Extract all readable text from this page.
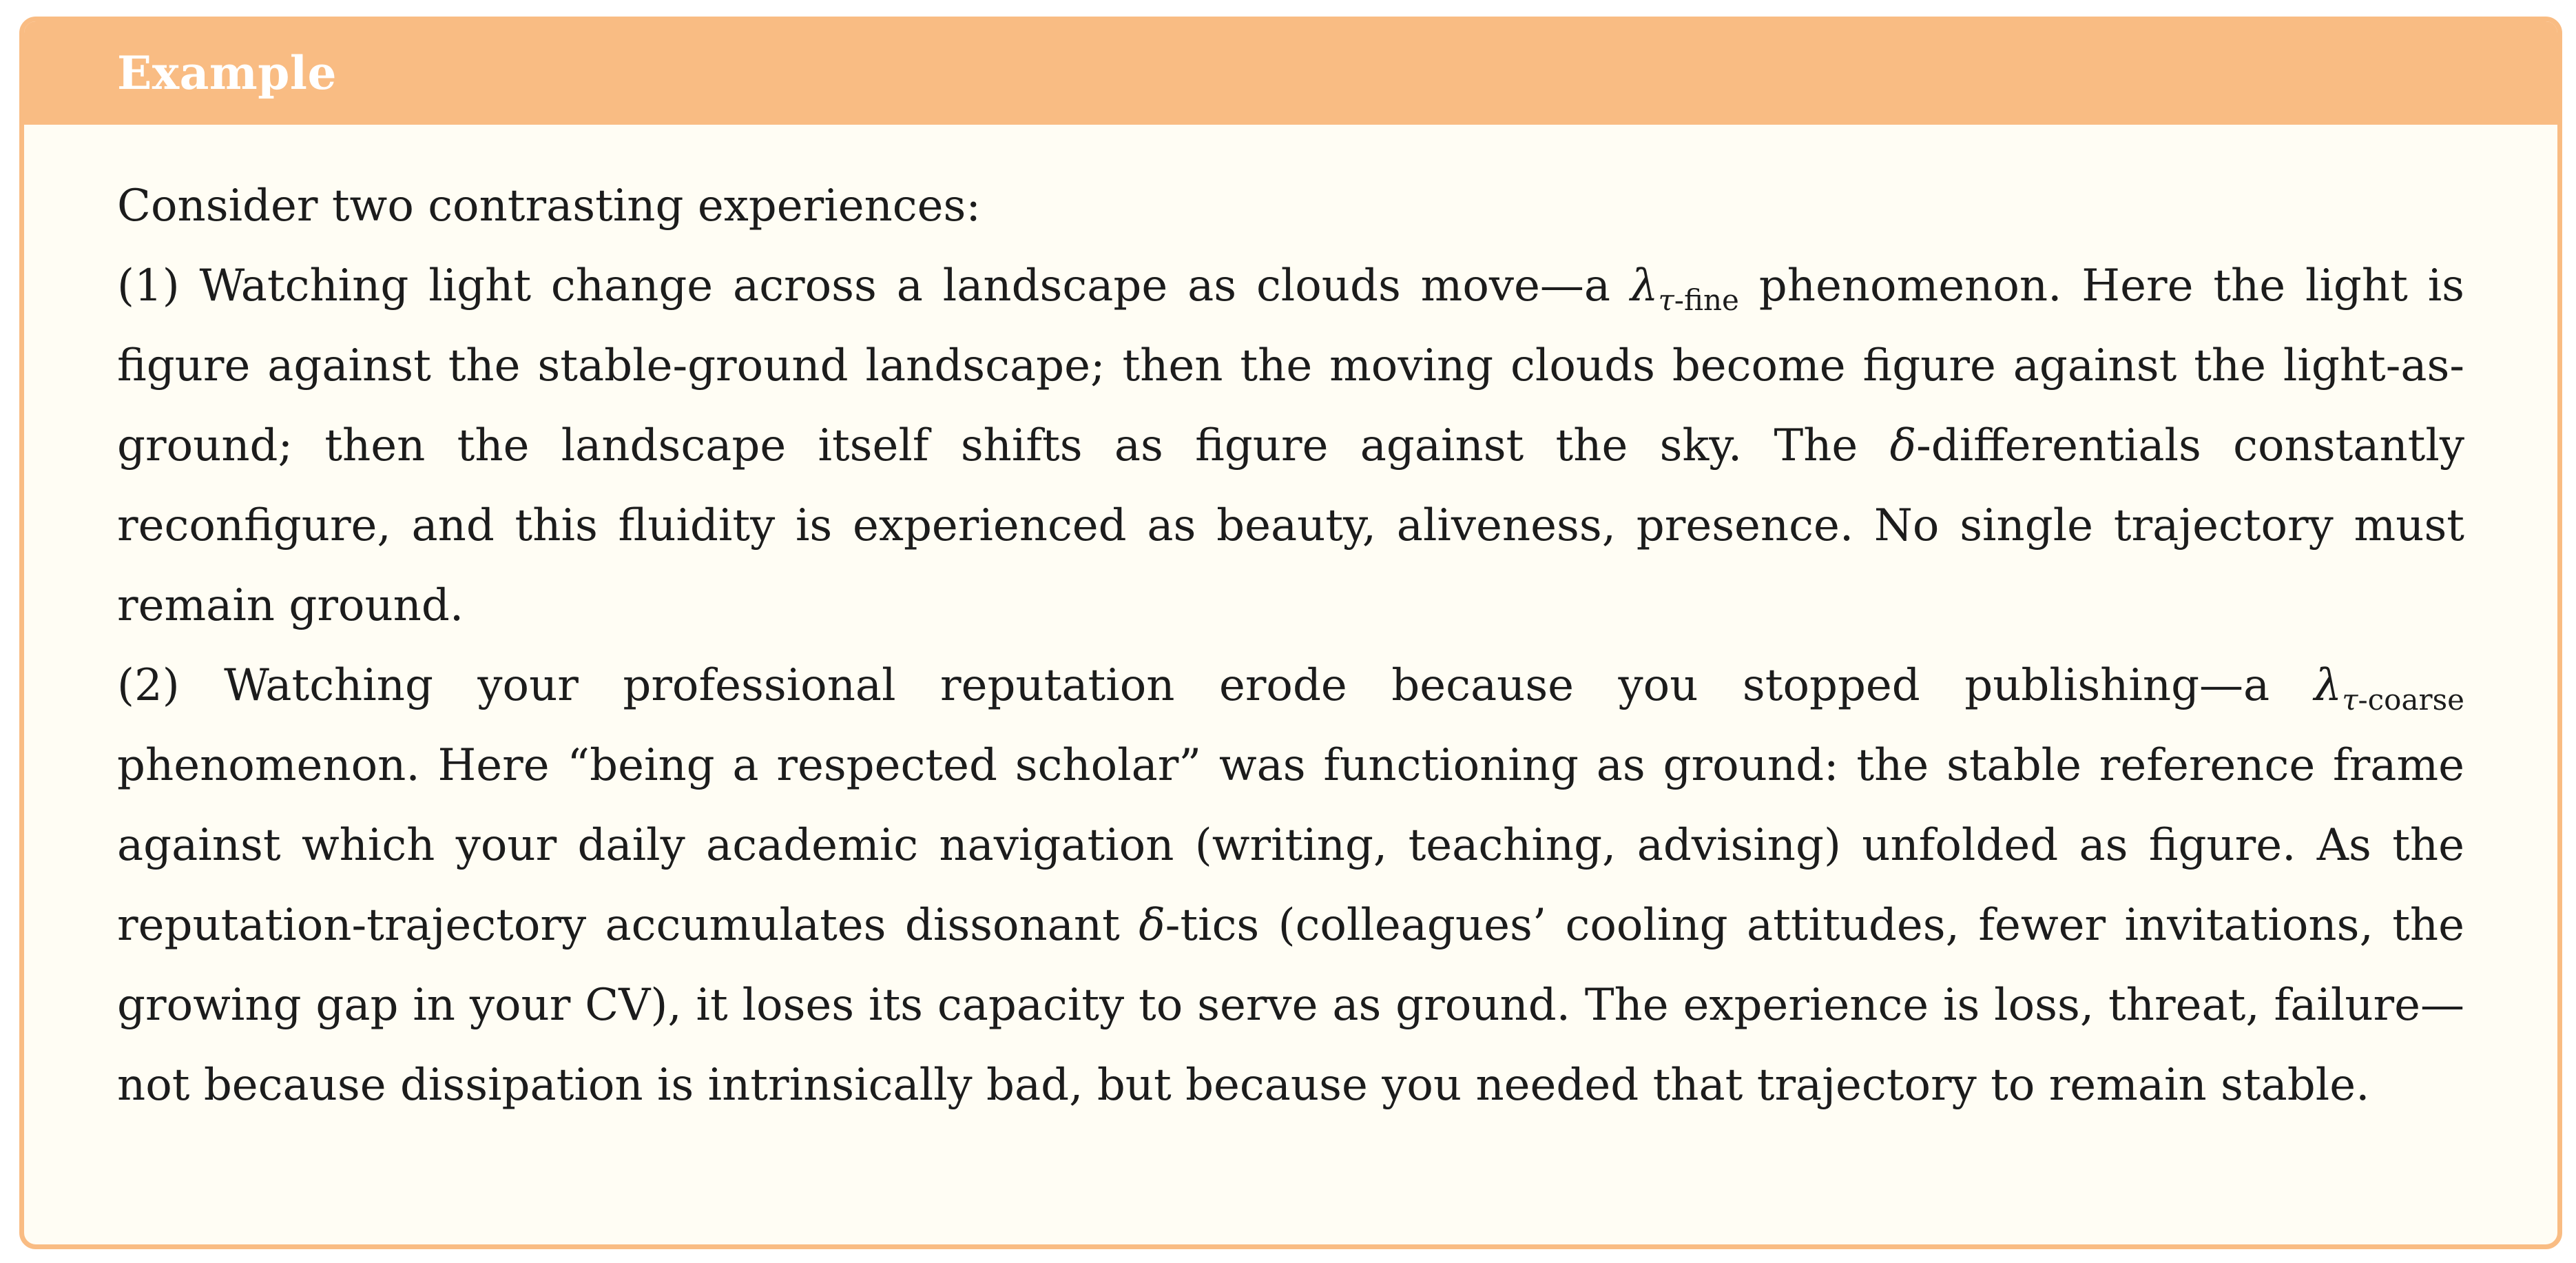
Example
Consider two contrasting experiences:
(1) Watching light change across a landscape as clouds move—a $\lambda_{\tau-fine}$ phenomenon. Here the light is figure against the stable-ground landscape; then the moving clouds become figure against the light-as-ground; then the landscape itself shifts as figure against the sky. The δ-differentials constantly reconfigure, and this fluidity is experienced as beauty, aliveness, presence. No single trajectory must remain ground.
(2) Watching your professional reputation erode because you stopped publishing—a $\lambda_{\tau-coarse}$ phenomenon. Here “being a respected scholar” was functioning as ground: the stable reference frame against which your daily academic navigation (writing, teaching, advising) unfolded as figure. As the reputation-trajectory accumulates dissonant δ-tics (colleagues’ cooling attitudes, fewer invitations, the growing gap in your CV), it loses its capacity to serve as ground. The experience is loss, threat, failure—not because dissipation is intrinsically bad, but because you needed that trajectory to remain stable.
